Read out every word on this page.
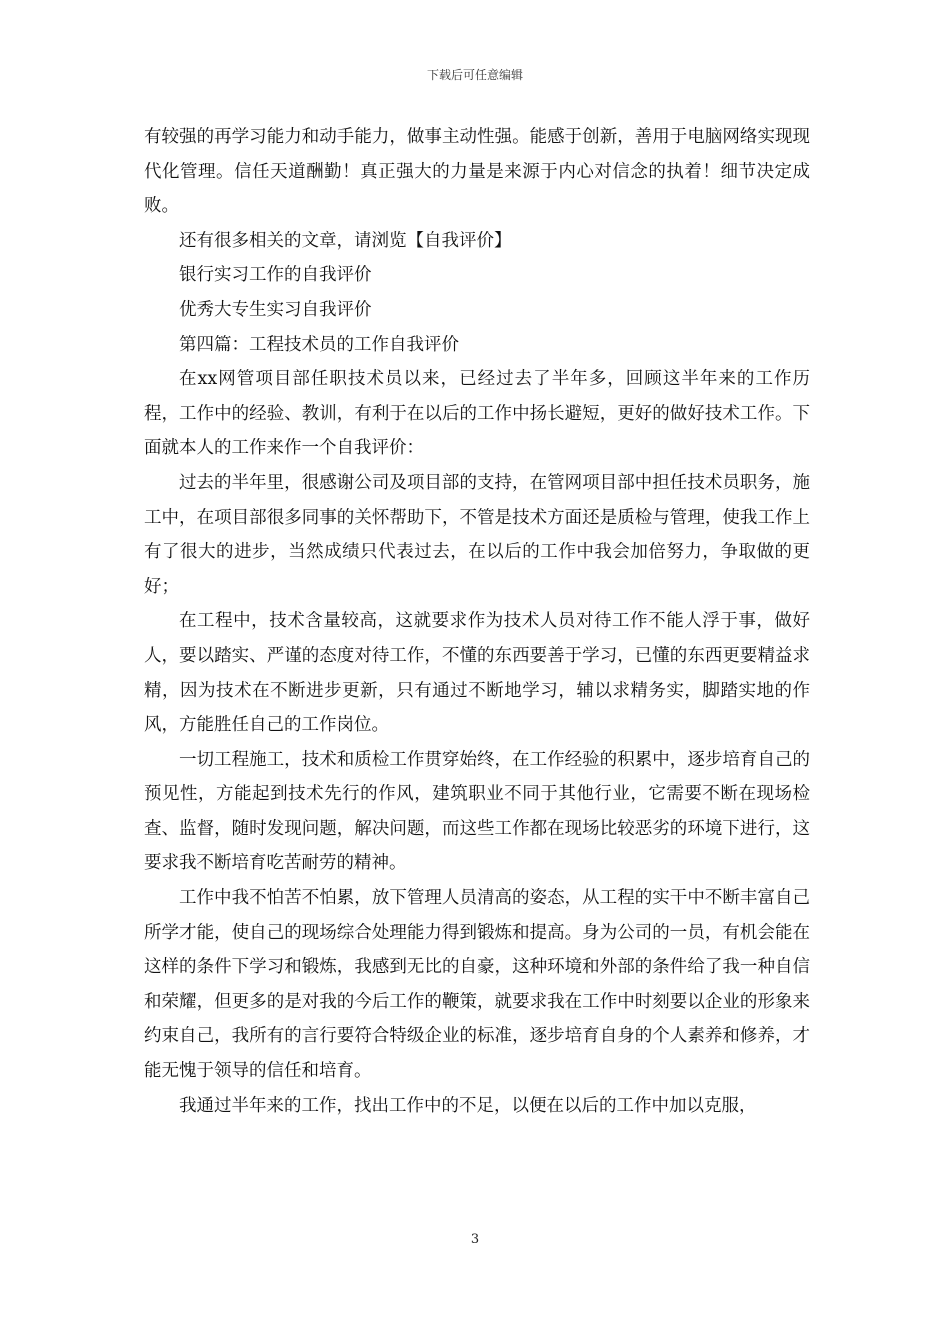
下载后可任意编辑

有较强的再学习能力和动手能力，做事主动性强。能感于创新，善用于电脑网络实现现代化管理。信任天道酬勤！真正强大的力量是来源于内心对信念的执着！细节决定成败。

还有很多相关的文章，请浏览【自我评价】

银行实习工作的自我评价

优秀大专生实习自我评价

第四篇：工程技术员的工作自我评价

在xx网管项目部任职技术员以来，已经过去了半年多，回顾这半年来的工作历程，工作中的经验、教训，有利于在以后的工作中扬长避短，更好的做好技术工作。下面就本人的工作来作一个自我评价：

过去的半年里，很感谢公司及项目部的支持，在管网项目部中担任技术员职务，施工中，在项目部很多同事的关怀帮助下，不管是技术方面还是质检与管理，使我工作上有了很大的进步，当然成绩只代表过去，在以后的工作中我会加倍努力，争取做的更好；

在工程中，技术含量较高，这就要求作为技术人员对待工作不能人浮于事，做好人，要以踏实、严谨的态度对待工作，不懂的东西要善于学习，已懂的东西更要精益求精，因为技术在不断进步更新，只有通过不断地学习，辅以求精务实，脚踏实地的作风，方能胜任自己的工作岗位。

一切工程施工，技术和质检工作贯穿始终，在工作经验的积累中，逐步培育自己的预见性，方能起到技术先行的作风，建筑职业不同于其他行业，它需要不断在现场检查、监督，随时发现问题，解决问题，而这些工作都在现场比较恶劣的环境下进行，这要求我不断培育吃苦耐劳的精神。

工作中我不怕苦不怕累，放下管理人员清高的姿态，从工程的实干中不断丰富自己所学才能，使自己的现场综合处理能力得到锻炼和提高。身为公司的一员，有机会能在这样的条件下学习和锻炼，我感到无比的自豪，这种环境和外部的条件给了我一种自信和荣耀，但更多的是对我的今后工作的鞭策，就要求我在工作中时刻要以企业的形象来约束自己，我所有的言行要符合特级企业的标准，逐步培育自身的个人素养和修养，才能无愧于领导的信任和培育。

我通过半年来的工作，找出工作中的不足，以便在以后的工作中加以克服，

3
